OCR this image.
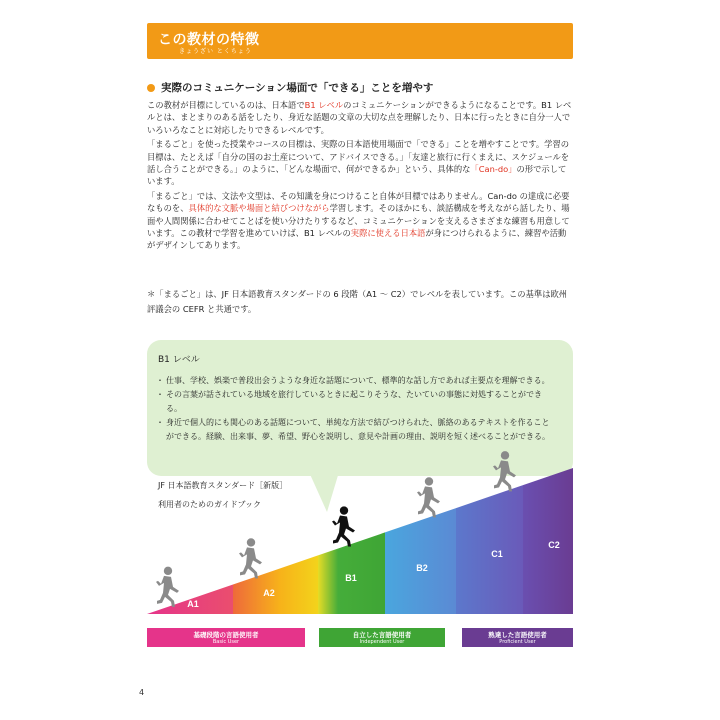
この教材の特徴
きょうざい とくちょう
実際のコミュニケーション場面で「できる」ことを増やす

この教材が目標にしているのは、日本語でB1 レベルのコミュニケーションができるようになることです。B1 レベルとは、まとまりのある話をしたり、身近な話題の文章の大切な点を理解したり、日本に行ったときに自分一人でいろいろなことに対応したりできるレベルです。

「まるごと」を使った授業やコースの目標は、実際の日本語使用場面で「できる」ことを増やすことです。学習の目標は、たとえば「自分の国のお土産について、アドバイスできる。」「友達と旅行に行くまえに、スケジュールを話し合うことができる。」のように、「どんな場面で、何ができるか」という、具体的な「Can-do」の形で示しています。

「まるごと」では、文法や文型は、その知識を身につけること自体が目標ではありません。Can-do の達成に必要なものを、具体的な文脈や場面と結びつけながら学習します。そのほかにも、談話構成を考えながら話したり、場面や人間関係に合わせてことばを使い分けたりするなど、コミュニケーションを支えるさまざまな練習も用意しています。この教材で学習を進めていけば、B1 レベルの実際に使える日本語が身につけられるように、練習や活動がデザインしてあります。

＊「まるごと」は、JF 日本語教育スタンダードの 6 段階（A1 ～ C2）でレベルを表しています。この基準は欧州評議会の CEFR と共通です。
B1 レベル
・ 仕事、学校、娯楽で普段出会うような身近な話題について、標準的な話し方であれば主要点を理解できる。
・ その言葉が話されている地域を旅行しているときに起こりそうな、たいていの事態に対処することができる。
・ 身近で個人的にも関心のある話題について、単純な方法で結びつけられた、脈絡のあるテキストを作ることができる。経験、出来事、夢、希望、野心を説明し、意見や計画の理由、説明を短く述べることができる。
JF 日本語教育スタンダード［新版］
利用者のためのガイドブック
A1
A2
B1
B2
C1
C2
基礎段階の言語使用者
Basic User
自立した言語使用者
Independent User
熟達した言語使用者
Proficient User
4
